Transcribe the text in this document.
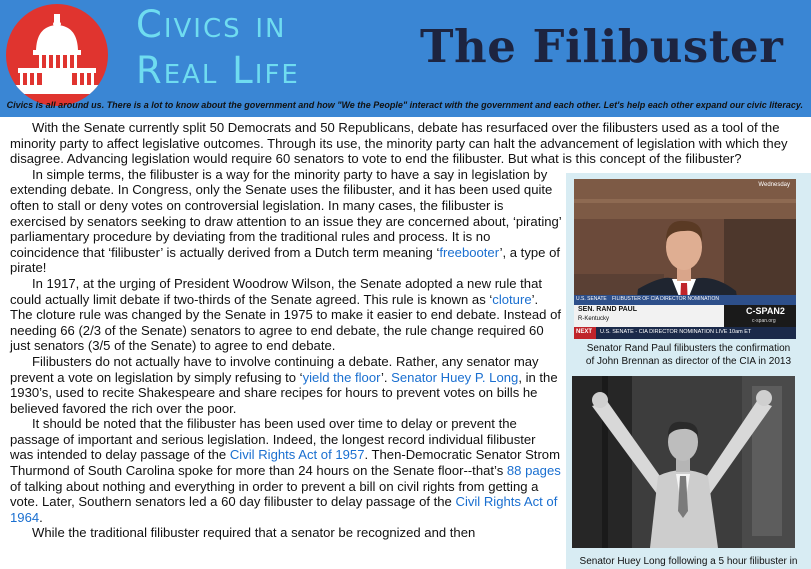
Civics in
Real Life	The Filibuster
Civics is all around us. There is a lot to know about the government and how "We the People" interact with the government and each other. Let's help each other expand our civic literacy.

With the Senate currently split 50 Democrats and 50 Republicans, debate has resurfaced over the filibusters used as a tool of the minority party to affect legislative outcomes. Through its use, the minority party can halt the advancement of legislation with which they disagree. Advancing legislation would require 60 senators to vote to end the filibuster. But what is this concept of the filibuster?

In simple terms, the filibuster is a way for the minority party to have a say in legislation by extending debate. In Congress, only the Senate uses the filibuster, and it has been used quite often to stall or deny votes on controversial legislation. In many cases, the filibuster is exercised by senators seeking to draw attention to an issue they are concerned about, ‘pirating’ parliamentary procedure by deviating from the traditional rules and process. It is no coincidence that ‘filibuster’ is actually derived from a Dutch term meaning ‘freebooter’, a type of pirate!

In 1917, at the urging of President Woodrow Wilson, the Senate adopted a new rule that could actually limit debate if two-thirds of the Senate agreed. This rule is known as ‘cloture’. The cloture rule was changed by the Senate in 1975 to make it easier to end debate. Instead of needing 66 (2/3 of the Senate) senators to agree to end debate, the rule change required 60 just senators (3/5 of the Senate) to agree to end debate.

Filibusters do not actually have to involve continuing a debate. Rather, any senator may prevent a vote on legislation by simply refusing to ‘yield the floor’. Senator Huey P. Long, in the 1930’s, used to recite Shakespeare and share recipes for hours to prevent votes on bills he believed favored the rich over the poor.

It should be noted that the filibuster has been used over time to delay or prevent the passage of important and serious legislation. Indeed, the longest record individual filibuster was intended to delay passage of the Civil Rights Act of 1957. Then-Democratic Senator Strom Thurmond of South Carolina spoke for more than 24 hours on the Senate floor--that’s 88 pages of talking about nothing and everything in order to prevent a bill on civil rights from getting a vote. Later, Southern senators led a 60 day filibuster to delay passage of the Civil Rights Act of 1964.

While the traditional filibuster required that a senator be recognized and then

Wednesday
U.S. SENATE FILIBUSTER OF CIA DIRECTOR NOMINATION
SEN. RAND PAUL
R-Kentucky
C-SPAN2
c-span.org
NEXT U.S. SENATE - CIA DIRECTOR NOMINATION LIVE 10am ET
Senator Rand Paul filibusters the confirmation of John Brennan as director of the CIA in 2013
Senator Huey Long following a 5 hour filibuster in
